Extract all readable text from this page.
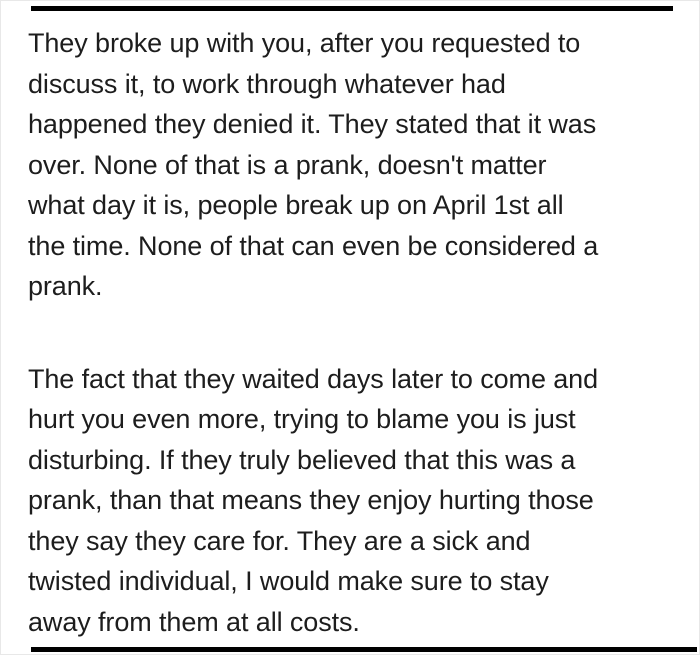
They broke up with you, after you requested to
discuss it, to work through whatever had
happened they denied it. They stated that it was
over. None of that is a prank, doesn't matter
what day it is, people break up on April 1st all
the time. None of that can even be considered a
prank.
The fact that they waited days later to come and
hurt you even more, trying to blame you is just
disturbing. If they truly believed that this was a
prank, than that means they enjoy hurting those
they say they care for. They are a sick and
twisted individual, I would make sure to stay
away from them at all costs.
